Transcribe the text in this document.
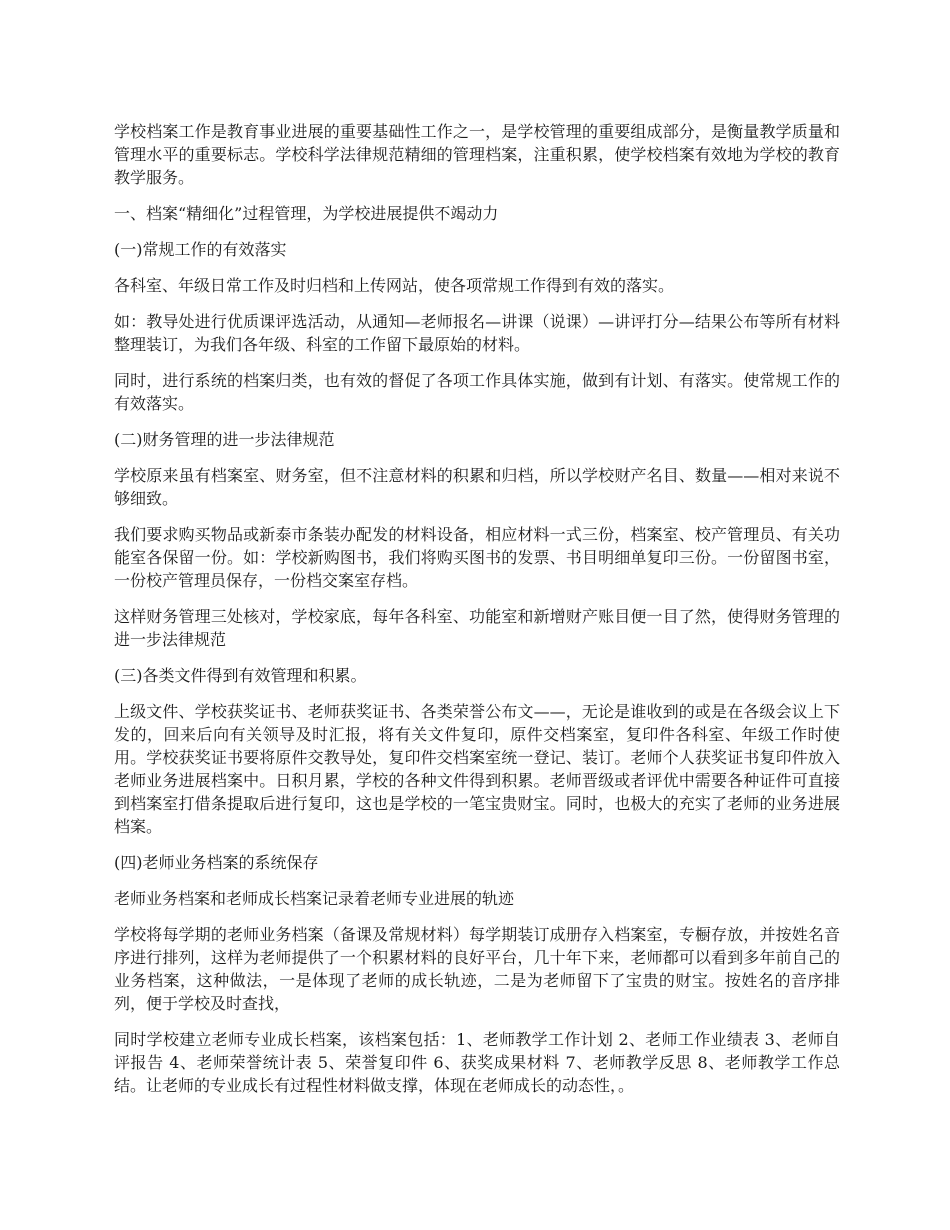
学校档案工作是教育事业进展的重要基础性工作之一，是学校管理的重要组成部分，是衡量教学质量和管理水平的重要标志。学校科学法律规范精细的管理档案，注重积累，使学校档案有效地为学校的教育教学服务。

一、档案“精细化”过程管理，为学校进展提供不竭动力

(一)常规工作的有效落实

各科室、年级日常工作及时归档和上传网站，使各项常规工作得到有效的落实。

如：教导处进行优质课评选活动，从通知—老师报名—讲课（说课）—讲评打分—结果公布等所有材料整理装订，为我们各年级、科室的工作留下最原始的材料。

同时，进行系统的档案归类，也有效的督促了各项工作具体实施，做到有计划、有落实。使常规工作的有效落实。

(二)财务管理的进一步法律规范

学校原来虽有档案室、财务室，但不注意材料的积累和归档，所以学校财产名目、数量——相对来说不够细致。

我们要求购买物品或新泰市条装办配发的材料设备，相应材料一式三份，档案室、校产管理员、有关功能室各保留一份。如：学校新购图书，我们将购买图书的发票、书目明细单复印三份。一份留图书室，一份校产管理员保存，一份档交案室存档。

这样财务管理三处核对，学校家底，每年各科室、功能室和新增财产账目便一目了然，使得财务管理的进一步法律规范

(三)各类文件得到有效管理和积累。

上级文件、学校获奖证书、老师获奖证书、各类荣誉公布文——，无论是谁收到的或是在各级会议上下发的，回来后向有关领导及时汇报，将有关文件复印，原件交档案室，复印件各科室、年级工作时使用。学校获奖证书要将原件交教导处，复印件交档案室统一登记、装订。老师个人获奖证书复印件放入老师业务进展档案中。日积月累，学校的各种文件得到积累。老师晋级或者评优中需要各种证件可直接到档案室打借条提取后进行复印，这也是学校的一笔宝贵财宝。同时，也极大的充实了老师的业务进展档案。

(四)老师业务档案的系统保存

老师业务档案和老师成长档案记录着老师专业进展的轨迹

学校将每学期的老师业务档案（备课及常规材料）每学期装订成册存入档案室，专橱存放，并按姓名音序进行排列，这样为老师提供了一个积累材料的良好平台，几十年下来，老师都可以看到多年前自己的业务档案，这种做法，一是体现了老师的成长轨迹，二是为老师留下了宝贵的财宝。按姓名的音序排列，便于学校及时查找，

同时学校建立老师专业成长档案，该档案包括：1、老师教学工作计划 2、老师工作业绩表 3、老师自评报告 4、老师荣誉统计表 5、荣誉复印件 6、获奖成果材料 7、老师教学反思 8、老师教学工作总结。让老师的专业成长有过程性材料做支撑，体现在老师成长的动态性，。
